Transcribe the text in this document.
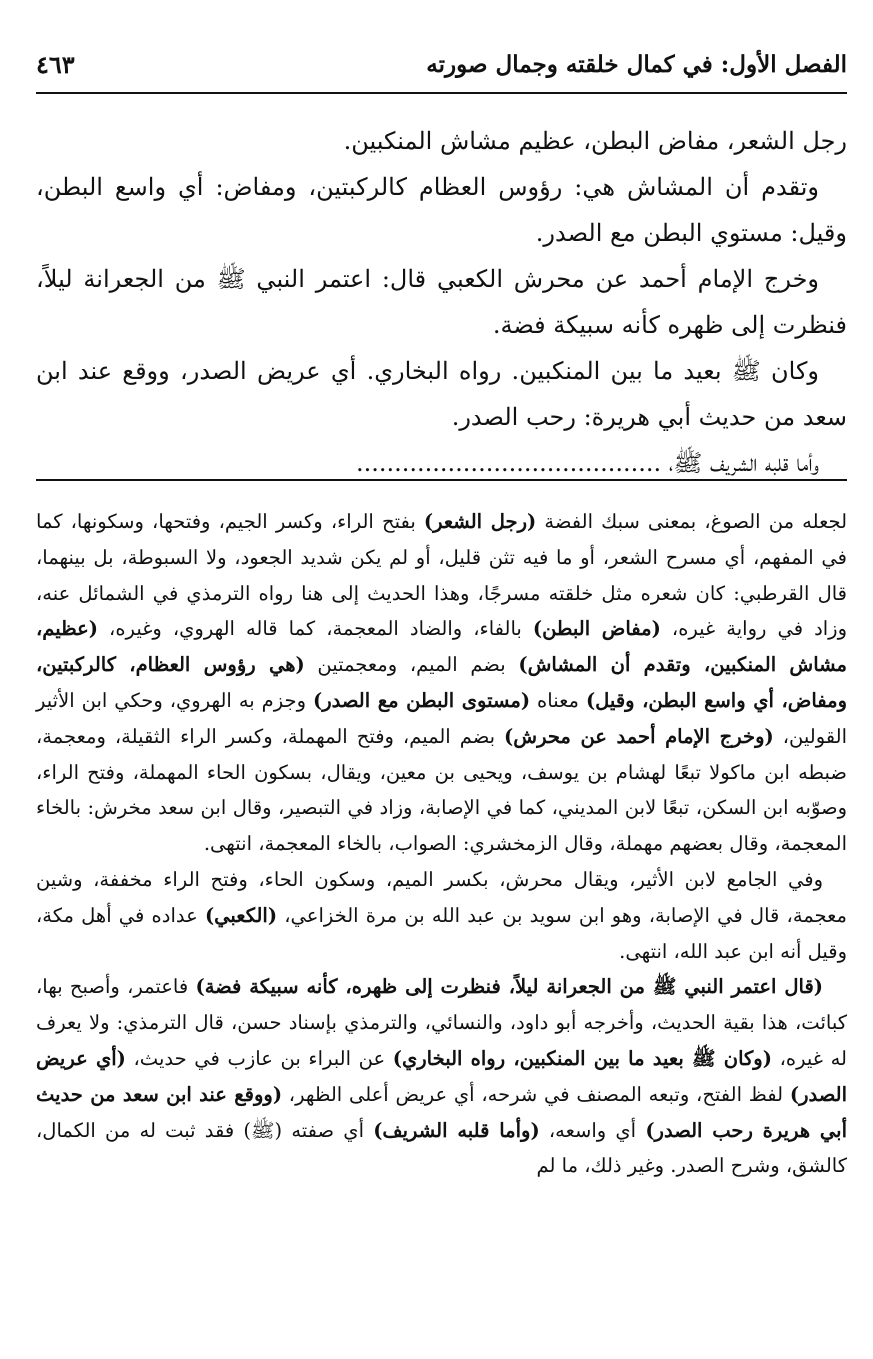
الفصل الأول: في كمال خلقته وجمال صورته
٤٦٣

رجل الشعر، مفاض البطن، عظيم مشاش المنكبين.

وتقدم أن المشاش هي: رؤوس العظام كالركبتين، ومفاض: أي واسع البطن، وقيل: مستوي البطن مع الصدر.

وخرج الإمام أحمد عن محرش الكعبي قال: اعتمر النبي ﷺ من الجعرانة ليلاً، فنظرت إلى ظهره كأنه سبيكة فضة.

وكان ﷺ بعيد ما بين المنكبين. رواه البخاري. أي عريض الصدر، ووقع عند ابن سعد من حديث أبي هريرة: رحب الصدر.

وأما قلبه الشريف ﷺ، ........................................

لجعله من الصوغ، بمعنى سبك الفضة (رجل الشعر) بفتح الراء، وكسر الجيم، وفتحها، وسكونها، كما في المفهم، أي مسرح الشعر، أو ما فيه تثن قليل، أو لم يكن شديد الجعود، ولا السبوطة، بل بينهما، قال القرطبي: كان شعره مثل خلقته مسرجًا، وهذا الحديث إلى هنا رواه الترمذي في الشمائل عنه، وزاد في رواية غيره، (مفاض البطن) بالفاء، والضاد المعجمة، كما قاله الهروي، وغيره، (عظيم، مشاش المنكبين، وتقدم أن المشاش) بضم الميم، ومعجمتين (هي رؤوس العظام، كالركبتين، ومفاض، أي واسع البطن، وقيل) معناه (مستوى البطن مع الصدر) وجزم به الهروي، وحكي ابن الأثير القولين، (وخرج الإمام أحمد عن محرش) بضم الميم، وفتح المهملة، وكسر الراء الثقيلة، ومعجمة، ضبطه ابن ماكولا تبعًا لهشام بن يوسف، ويحيى بن معين، ويقال، بسكون الحاء المهملة، وفتح الراء، وصوّبه ابن السكن، تبعًا لابن المديني، كما في الإصابة، وزاد في التبصير، وقال ابن سعد مخرش: بالخاء المعجمة، وقال بعضهم مهملة، وقال الزمخشري: الصواب، بالخاء المعجمة، انتهى.

وفي الجامع لابن الأثير، ويقال محرش، بكسر الميم، وسكون الحاء، وفتح الراء مخففة، وشين معجمة، قال في الإصابة، وهو ابن سويد بن عبد الله بن مرة الخزاعي، (الكعبي) عداده في أهل مكة، وقيل أنه ابن عبد الله، انتهى.

(قال اعتمر النبي ﷺ من الجعرانة ليلاً، فنظرت إلى ظهره، كأنه سبيكة فضة) فاعتمر، وأصبح بها، كبائت، هذا بقية الحديث، وأخرجه أبو داود، والنسائي، والترمذي بإسناد حسن، قال الترمذي: ولا يعرف له غيره، (وكان ﷺ بعيد ما بين المنكبين، رواه البخاري) عن البراء بن عازب في حديث، (أي عريض الصدر) لفظ الفتح، وتبعه المصنف في شرحه، أي عريض أعلى الظهر، (ووقع عند ابن سعد من حديث أبي هريرة رحب الصدر) أي واسعه، (وأما قلبه الشريف) أي صفته (ﷺ) فقد ثبت له من الكمال، كالشق، وشرح الصدر. وغير ذلك، ما لم
